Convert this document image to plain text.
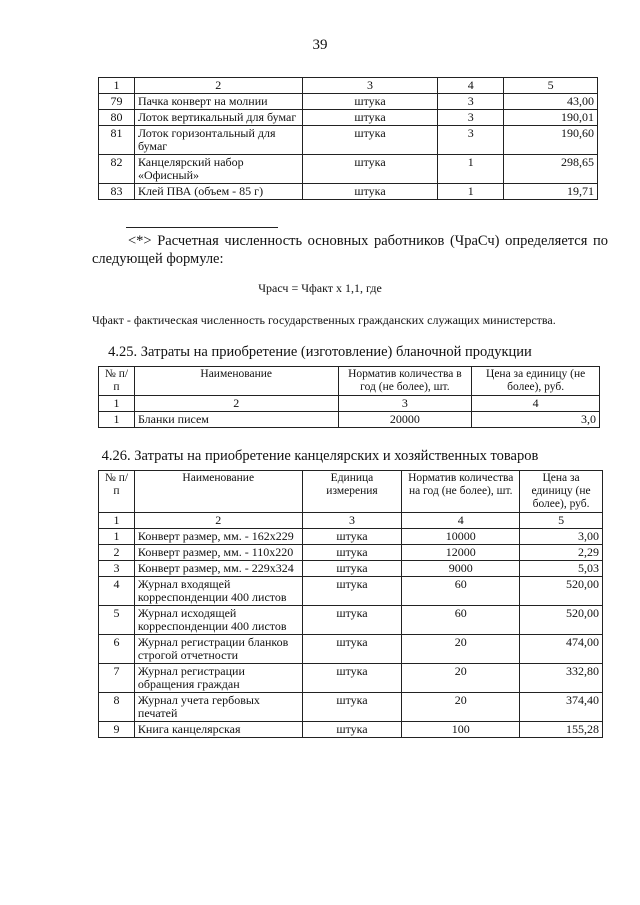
39
1	2	3	4	5
79	Пачка конверт на молнии	штука	3	43,00
80	Лоток вертикальный для бумаг	штука	3	190,01
81	Лоток горизонтальный для бумаг	штука	3	190,60
82	Канцелярский набор «Офисный»	штука	1	298,65
83	Клей ПВА (объем - 85 г)	штука	1	19,71
<*> Расчетная численность основных работников (ЧраСч) определяется по следующей формуле:
Чрасч = Чфакт х 1,1, где
Чфакт - фактическая численность государственных гражданских служащих министерства.
4.25. Затраты на приобретение (изготовление) бланочной продукции
№ п/п	Наименование	Норматив количества в год (не более), шт.	Цена за единицу (не более), руб.
1	2	3	4
1	Бланки писем	20000	3,0
4.26. Затраты на приобретение канцелярских и хозяйственных товаров
№ п/п	Наименование	Единица измерения	Норматив количества на год (не более), шт.	Цена за единицу (не более), руб.
1	2	3	4	5
1	Конверт размер, мм. - 162х229	штука	10000	3,00
2	Конверт размер, мм. - 110х220	штука	12000	2,29
3	Конверт размер, мм. - 229х324	штука	9000	5,03
4	Журнал входящей корреспонденции 400 листов	штука	60	520,00
5	Журнал исходящей корреспонденции 400 листов	штука	60	520,00
6	Журнал регистрации бланков строгой отчетности	штука	20	474,00
7	Журнал регистрации обращения граждан	штука	20	332,80
8	Журнал учета гербовых печатей	штука	20	374,40
9	Книга канцелярская	штука	100	155,28
